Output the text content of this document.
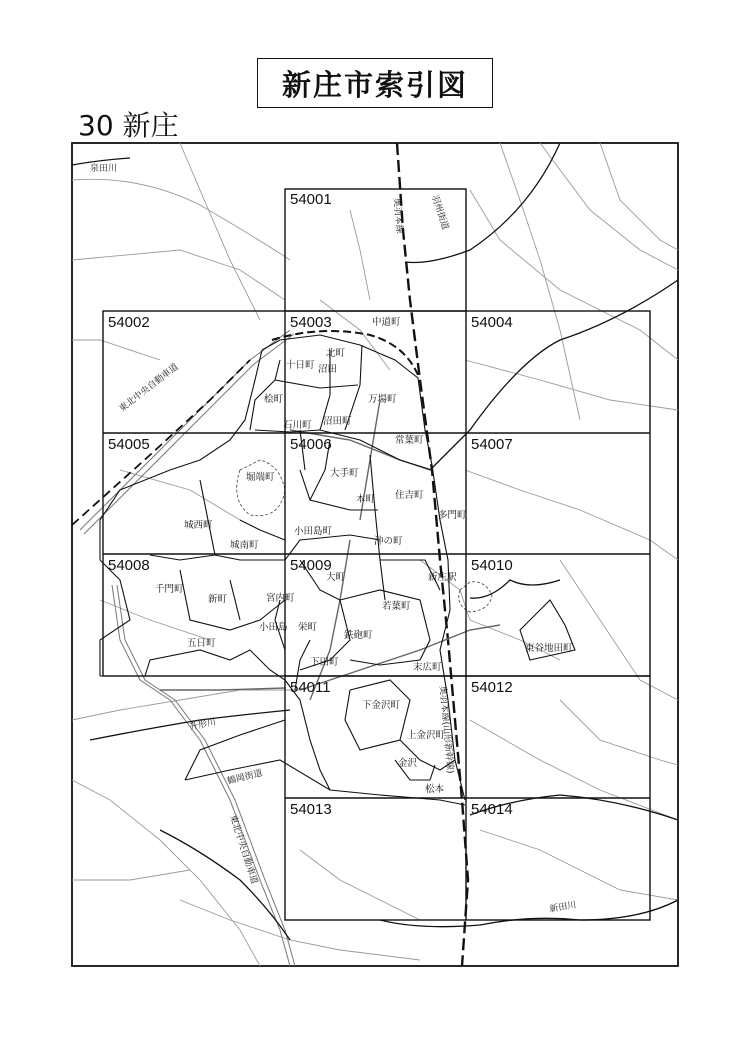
新庄市索引図
30 新庄
54001
54002	54003	54004
54005	54006	54007
54008	54009	54010
54011	54012
54013	54014
中道町
北町
十日町 沼田
桧町	万場町
石川町 沼田町
常葉町
大手町
堀端町
住吉町
本町
多門町
城西町
小田島町
沖の町
城南町
新庄駅
千門町
新町	宮内町
大町
若葉町
栄町
鉄砲町
小田島
五日町
下田町	末広町
東谷地田町
下金沢町
上金沢町
金沢
松本
泉田川
羽州街道
奥羽本線
東北中央自動車道
鶴岡街道
升形川	奥羽本線(山形新幹線)
新田川
東北中央自動車道
